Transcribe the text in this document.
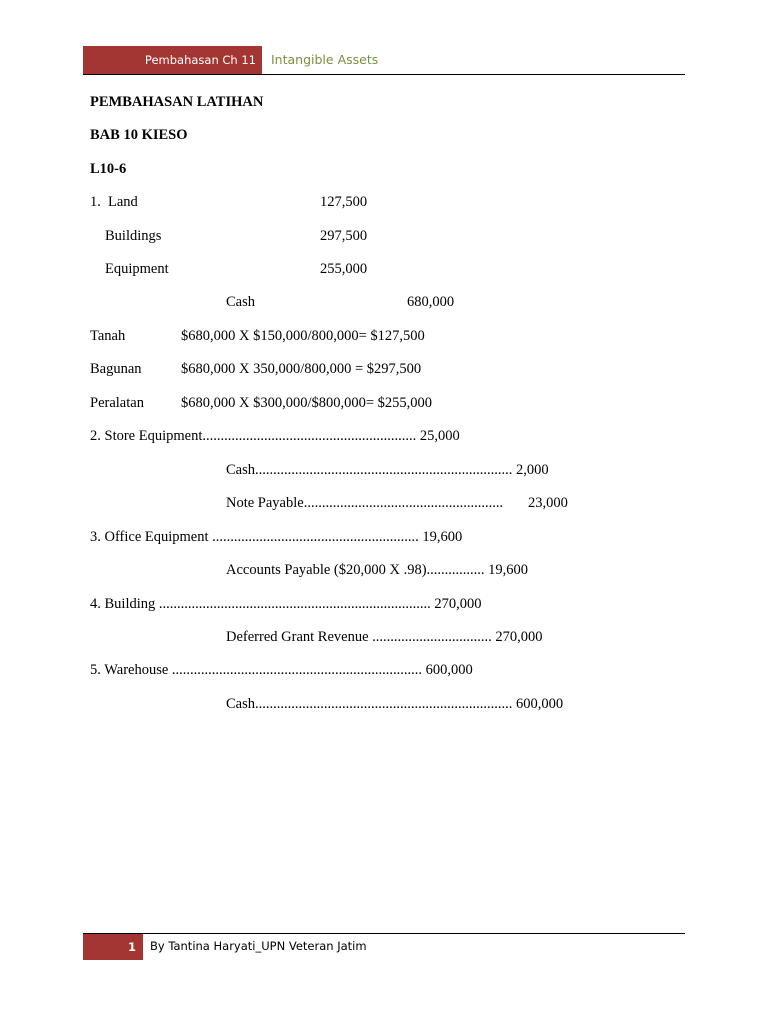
Pembahasan Ch 11 Intangible Assets
PEMBAHASAN LATIHAN
BAB 10 KIESO
L10-6
1. Land	127,500
Buildings	297,500
Equipment	255,000
Cash	680,000
Tanah	$680,000 X $150,000/800,000= $127,500
Bagunan	$680,000 X 350,000/800,000 = $297,500
Peralatan	$680,000 X $300,000/$800,000= $255,000
2. Store Equipment........................................................... 25,000
Cash....................................................................... 2,000
Note Payable....................................................... 23,000
3. Office Equipment ......................................................... 19,600
Accounts Payable ($20,000 X .98)................ 19,600
4. Building ........................................................................... 270,000
Deferred Grant Revenue ................................. 270,000
5. Warehouse ..................................................................... 600,000
Cash....................................................................... 600,000
1 By Tantina Haryati_UPN Veteran Jatim
